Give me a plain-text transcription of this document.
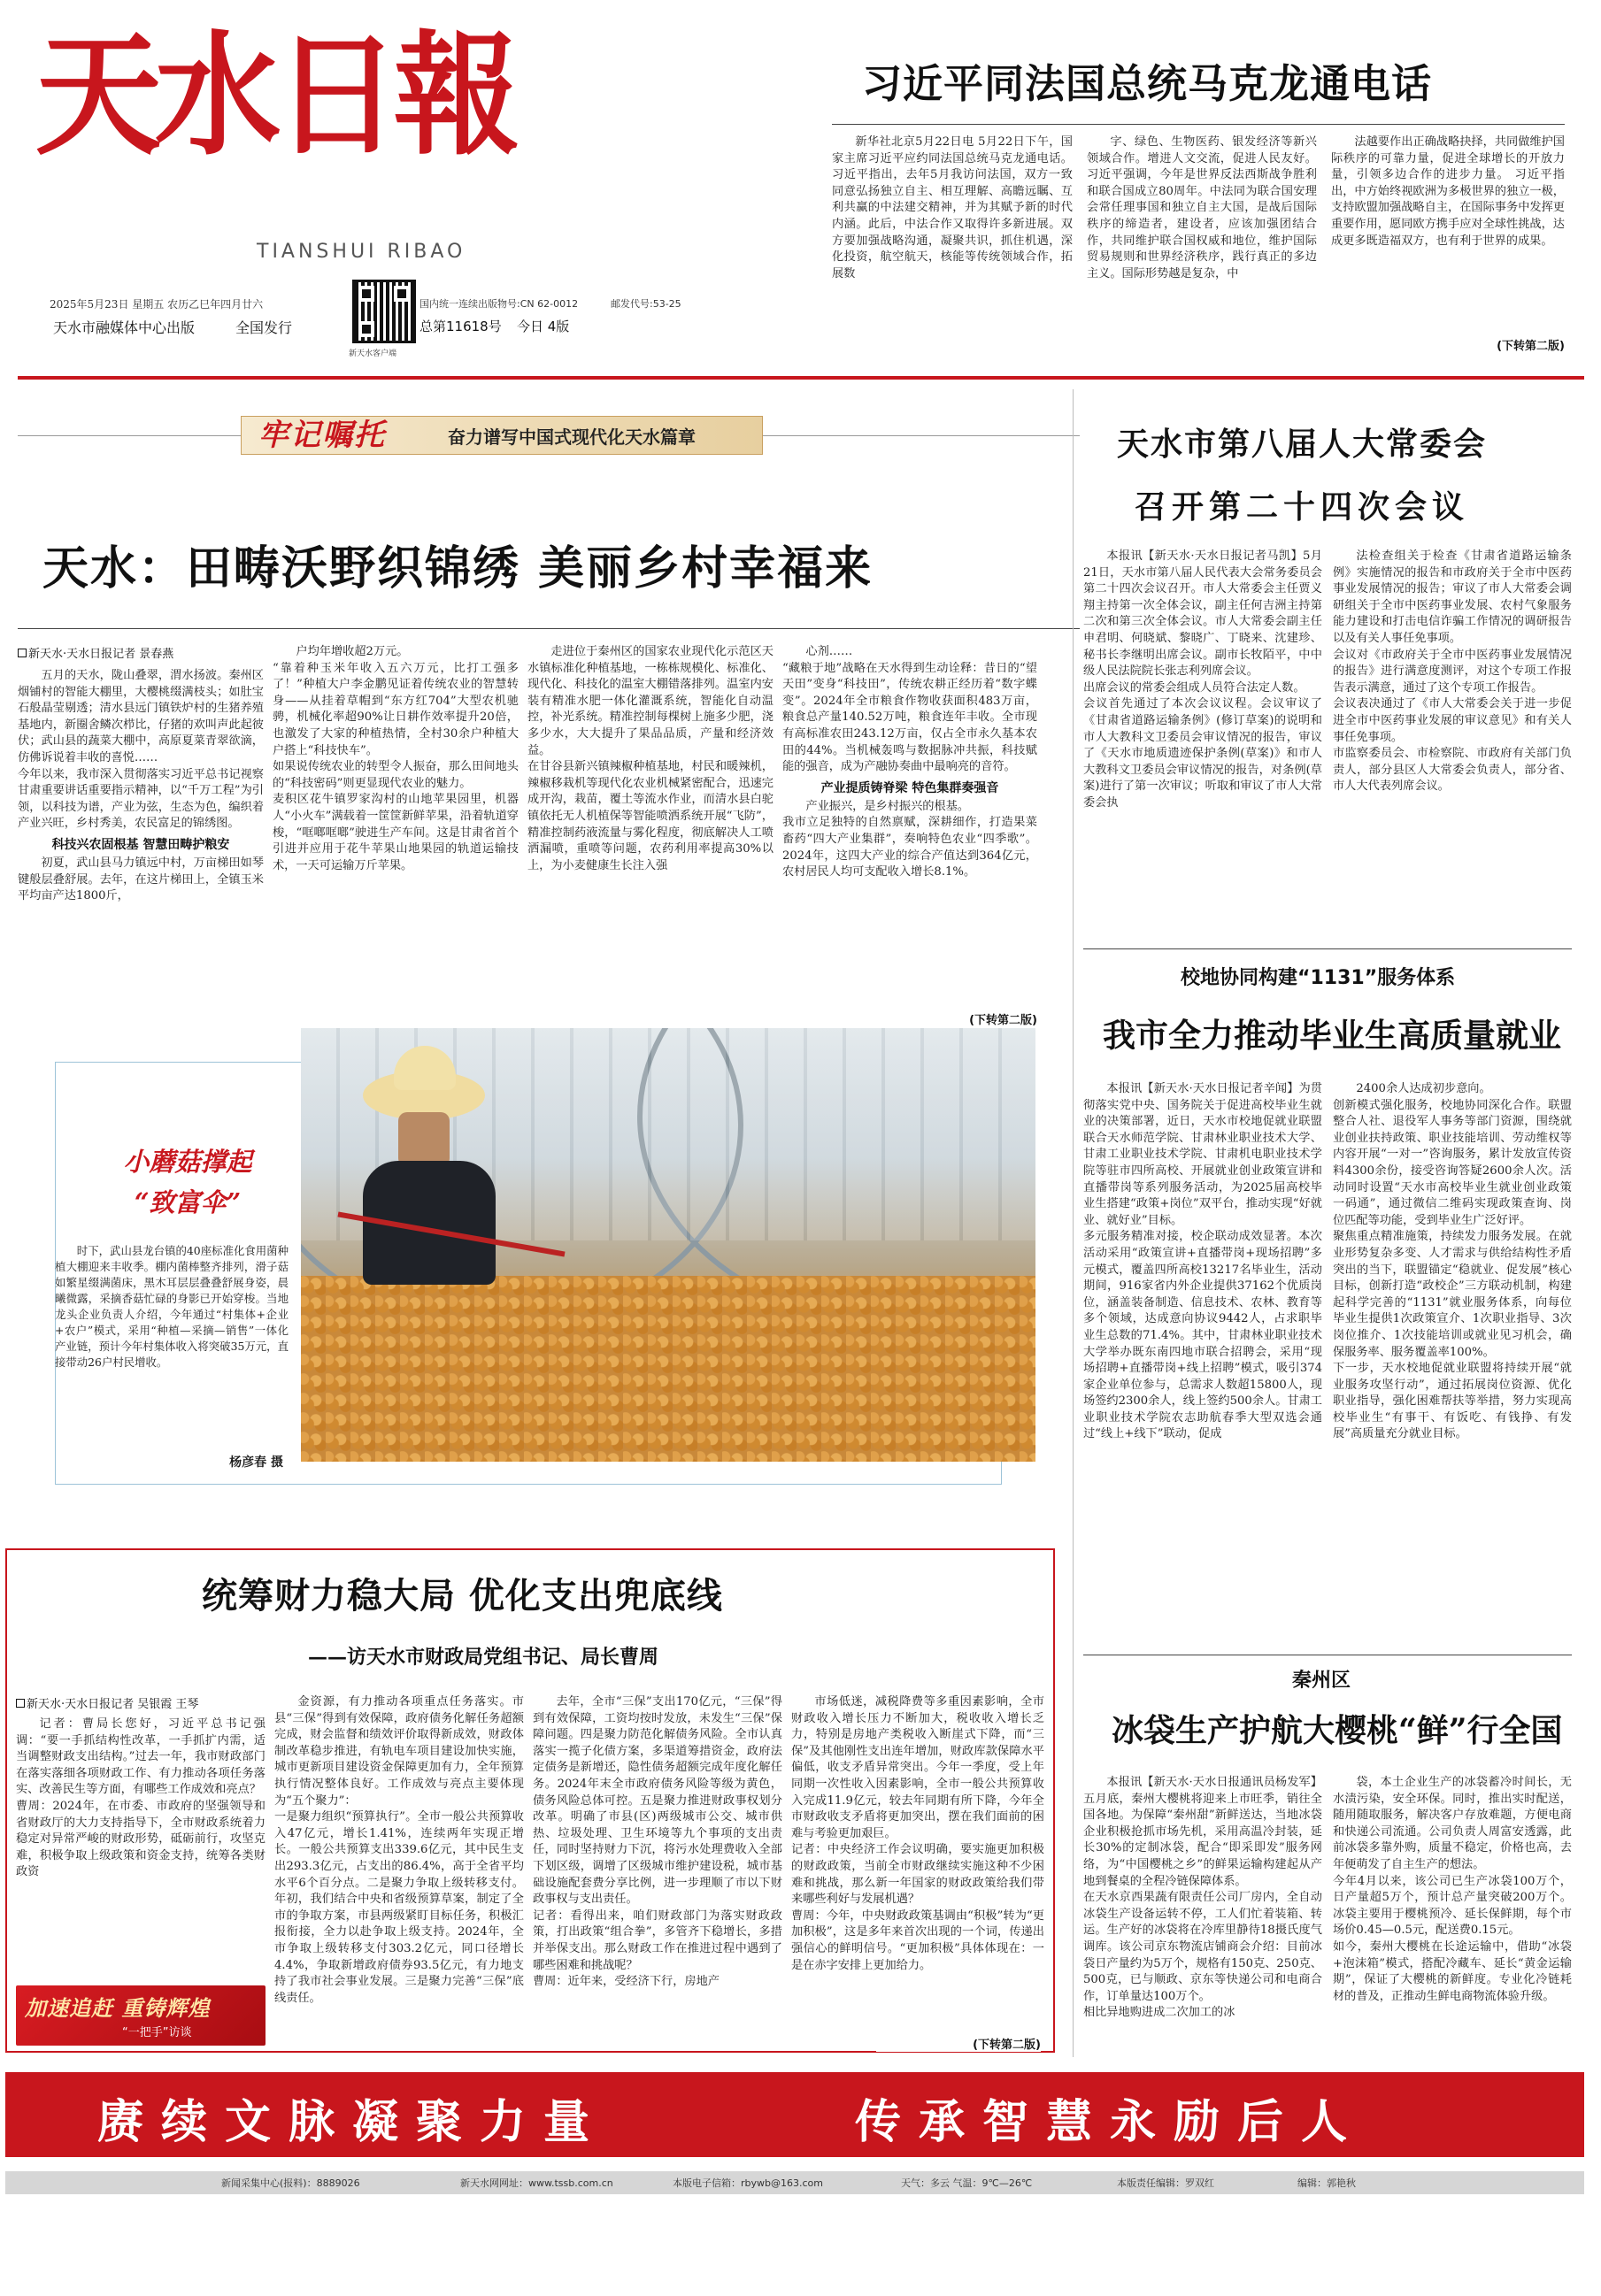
天水日報
TIANSHUI RIBAO
2025年5月23日 星期五 农历乙巳年四月廿六
天水市融媒体中心出版	全国发行
新天水客户端
国内统一连续出版物号:CN 62-0012	邮发代号:53-25
总第11618号 今日 4版
习近平同法国总统马克龙通电话

新华社北京5月22日电 5月22日下午，国家主席习近平应约同法国总统马克龙通电话。 习近平指出，去年5月我访问法国，双方一致同意弘扬独立自主、相互理解、高瞻远瞩、互利共赢的中法建交精神，并为其赋予新的时代内涵。此后，中法合作又取得许多新进展。双方要加强战略沟通，凝聚共识，抓住机遇，深化投资，航空航天，核能等传统领域合作，拓展数

字、绿色、生物医药、银发经济等新兴领域合作。增进人文交流，促进人民友好。 习近平强调，今年是世界反法西斯战争胜利和联合国成立80周年。中法同为联合国安理会常任理事国和独立自主大国，是战后国际秩序的缔造者，建设者，应该加强团结合作，共同维护联合国权威和地位，维护国际贸易规则和世界经济秩序，践行真正的多边主义。国际形势越是复杂，中

法越要作出正确战略抉择，共同做维护国际秩序的可靠力量，促进全球增长的开放力量，引领多边合作的进步力量。 习近平指出，中方始终视欧洲为多极世界的独立一极，支持欧盟加强战略自主，在国际事务中发挥更重要作用，愿同欧方携手应对全球性挑战，达成更多既造福双方，也有利于世界的成果。

(下转第二版)
牢记嘱托	奋力谱写中国式现代化天水篇章
天水：田畴沃野织锦绣 美丽乡村幸福来
新天水·天水日报记者 景春燕

五月的天水，陇山叠翠，渭水扬波。秦州区烟铺村的智能大棚里，大樱桃缀满枝头；如肚宝石般晶莹剔透；清水县远门镇铁炉村的生猪养殖基地内，新圈舍鳞次栉比，仔猪的欢叫声此起彼伏；武山县的蔬菜大棚中，高原夏菜青翠欲滴，仿佛诉说着丰收的喜悦……
今年以来，我市深入贯彻落实习近平总书记视察甘肃重要讲话重要指示精神，以“千万工程”为引领，以科技为谱，产业为弦，生态为色，编织着产业兴旺，乡村秀美，农民富足的锦绣图。

科技兴农固根基 智慧田畴护粮安

初夏，武山县马力镇远中村，万亩梯田如琴键般层叠舒展。去年，在这片梯田上，全镇玉米平均亩产达1800斤，

户均年增收超2万元。
“靠着种玉米年收入五六万元，比打工强多了！”种植大户李金鹏见证着传统农业的智慧转身——从挂着草帽到“东方红704”大型农机驰骋，机械化率超90%让日耕作效率提升20倍，也激发了大家的种植热情，全村30余户种植大户搭上“科技快车”。
如果说传统农业的转型令人振奋，那么田间地头的“科技密码”则更显现代农业的魅力。
麦积区花牛镇罗家沟村的山地苹果园里，机器人“小火车”满载着一筐筐新鲜苹果，沿着轨道穿梭，“哐啷哐啷”驶进生产车间。这是甘肃省首个引进并应用于花牛苹果山地果园的轨道运输技术，一天可运输万斤苹果。

走进位于秦州区的国家农业现代化示范区天水镇标准化种植基地，一栋栋规模化、标准化、现代化、科技化的温室大棚错落排列。温室内安装有精准水肥一体化灌溉系统，智能化自动温控，补光系统。精准控制每棵树上施多少肥，浇多少水，大大提升了果品品质，产量和经济效益。
在甘谷县新兴镇辣椒种植基地，村民和暖辣机，辣椒移栽机等现代化农业机械紧密配合，迅速完成开沟，栽苗，覆土等流水作业，而清水县白驼镇依托无人机植保等智能喷洒系统开展“飞防”，精准控制药液流量与雾化程度，彻底解决人工喷洒漏喷，重喷等问题，农药利用率提高30%以上，为小麦健康生长注入强

心剂……
“藏粮于地”战略在天水得到生动诠释：昔日的“望天田”变身“科技田”，传统农耕正经历着“数字蝶变”。2024年全市粮食作物收获面积483万亩，粮食总产量140.52万吨，粮食连年丰收。全市现有高标准农田243.12万亩，仅占全市永久基本农田的44%。当机械轰鸣与数据脉冲共振，科技赋能的强音，成为产融协奏曲中最响亮的音符。

产业提质铸脊梁 特色集群奏强音

产业振兴，是乡村振兴的根基。
我市立足独特的自然禀赋，深耕细作，打造果菜畜药“四大产业集群”，奏响特色农业“四季歌”。2024年，这四大产业的综合产值达到364亿元，农村居民人均可支配收入增长8.1%。

(下转第二版)
小蘑菇撑起
“致富伞”

时下，武山县龙台镇的40座标准化食用菌种植大棚迎来丰收季。棚内菌棒整齐排列，滑子菇如繁星缀满菌床，黑木耳层层叠叠舒展身姿，晨曦微露，采摘香菇忙碌的身影已开始穿梭。当地龙头企业负责人介绍，今年通过“村集体+企业+农户”模式，采用“种植—采摘—销售”一体化产业链，预计今年村集体收入将突破35万元，直接带动26户村民增收。

杨彦春 摄
统筹财力稳大局 优化支出兜底线
——访天水市财政局党组书记、局长曹周
新天水·天水日报记者 吴银霞 王琴

记者：曹局长您好，习近平总书记强调：“要一手抓结构性改革，一手抓扩内需，适当调整财政支出结构。”过去一年，我市财政部门在落实落细各项财政工作、有力推动各项任务落实、改善民生等方面，有哪些工作成效和亮点？
曹周：2024年，在市委、市政府的坚强领导和省财政厅的大力支持指导下，全市财政系统着力稳定对异常严峻的财政形势，砥砺前行，攻坚克难，积极争取上级政策和资金支持，统筹各类财政资

加速追赶 重铸辉煌
“一把手”访谈

金资源，有力推动各项重点任务落实。市县“三保”得到有效保障，政府债务化解任务超额完成，财会监督和绩效评价取得新成效，财政体制改革稳步推进，有轨电车项目建设加快实施，城市更新项目建设资金保障更加有力，全年预算执行情况整体良好。工作成效与亮点主要体现为“五个聚力”：
一是聚力组织“预算执行”。全市一般公共预算收入47亿元，增长1.41%，连续两年实现正增长。一般公共预算支出339.6亿元，其中民生支出293.3亿元，占支出的86.4%，高于全省平均水平6个百分点。二是聚力争取上级转移支付。年初，我们结合中央和省级预算草案，制定了全市的争取方案，市县两级紧盯目标任务，积极汇报衔接，全力以赴争取上级支持。2024年，全市争取上级转移支付303.2亿元，同口径增长4.4%，争取新增政府债券93.5亿元，有力地支持了我市社会事业发展。三是聚力完善“三保”底线责任。

去年，全市“三保”支出170亿元，“三保”得到有效保障，工资均按时发放，未发生“三保”保障问题。四是聚力防范化解债务风险。全市认真落实一揽子化债方案，多渠道筹措资金，政府法定债务是新增还，隐性债务超额完成年度化解任务。2024年末全市政府债务风险等级为黄色，债务风险总体可控。五是聚力推进财政事权划分改革。明确了市县(区)两级城市公交、城市供热、垃圾处理、卫生环境等九个事项的支出责任，同时坚持财力下沉，将污水处理费收入全部下划区级，调增了区级城市维护建设税，城市基础设施配套费分享比例，进一步理顺了市以下财政事权与支出责任。
记者：看得出来，咱们财政部门为落实财政政策，打出政策“组合拳”，多管齐下稳增长，多措并举保支出。那么财政工作在推进过程中遇到了哪些困难和挑战呢？
曹周：近年来，受经济下行，房地产

市场低迷，减税降费等多重因素影响，全市财政收入增长压力不断加大，税收收入增长乏力，特别是房地产类税收入断崖式下降，而“三保”及其他刚性支出连年增加，财政库款保障水平偏低，收支矛盾异常突出。今年一季度，受上年同期一次性收入因素影响，全市一般公共预算收入完成11.9亿元，较去年同期有所下降，今年全市财政收支矛盾将更加突出，摆在我们面前的困难与考验更加艰巨。
记者：中央经济工作会议明确，要实施更加积极的财政政策，当前全市财政继续实施这种不少困难和挑战，那么新一年国家的财政政策给我们带来哪些利好与发展机遇？
曹周：今年，中央财政政策基调由“积极”转为“更加积极”，这是多年来首次出现的一个词，传递出强信心的鲜明信号。“更加积极”具体体现在：一是在赤字安排上更加给力。

(下转第二版)
天水市第八届人大常委会
召开第二十四次会议

本报讯【新天水·天水日报记者马凯】5月21日，天水市第八届人民代表大会常务委员会第二十四次会议召开。市人大常委会主任贾义翔主持第一次全体会议，副主任何吉洲主持第二次和第三次全体会议。市人大常委会副主任申君明、何晓斌、黎晓广、丁晓来、沈建珍、秘书长李继明出席会议。副市长牧陌平，中中级人民法院院长张志利列席会议。
出席会议的常委会组成人员符合法定人数。
会议首先通过了本次会议议程。会议审议了《甘肃省道路运输条例》(修订草案)的说明和市人大教科文卫委员会审议情况的报告，审议了《天水市地质遗迹保护条例(草案)》和市人大教科文卫委员会审议情况的报告，对条例(草案)进行了第一次审议；听取和审议了市人大常委会执

法检查组关于检查《甘肃省道路运输条例》实施情况的报告和市政府关于全市中医药事业发展情况的报告；审议了市人大常委会调研组关于全市中医药事业发展、农村气象服务能力建设和打击电信诈骗工作情况的调研报告以及有关人事任免事项。
会议对《市政府关于全市中医药事业发展情况的报告》进行满意度测评，对这个专项工作报告表示满意，通过了这个专项工作报告。
会议表决通过了《市人大常委会关于进一步促进全市中医药事业发展的审议意见》和有关人事任免事项。
市监察委员会、市检察院、市政府有关部门负责人，部分县区人大常委会负责人，部分省、市人大代表列席会议。

校地协同构建“1131”服务体系
我市全力推动毕业生高质量就业

本报讯【新天水·天水日报记者辛闻】为贯彻落实党中央、国务院关于促进高校毕业生就业的决策部署，近日，天水市校地促就业联盟联合天水师范学院、甘肃林业职业技术大学、甘肃工业职业技术学院、甘肃机电职业技术学院等驻市四所高校、开展就业创业政策宣讲和直播带岗等系列服务活动，为2025届高校毕业生搭建“政策+岗位”双平台，推动实现“好就业、就好业”目标。
多元服务精准对接，校企联动成效显著。本次活动采用“政策宣讲+直播带岗+现场招聘”多元模式，覆盖四所高校13217名毕业生，活动期间，916家省内外企业提供37162个优质岗位，涵盖装备制造、信息技术、农林、教育等多个领域，达成意向协议9442人，占求职毕业生总数的71.4%。其中，甘肃林业职业技术大学举办既东南四地市联合招聘会，采用“现场招聘+直播带岗+线上招聘”模式，吸引374家企业单位参与，总需求人数超15800人，现场签约2300余人，线上签约500余人。甘肃工业职业技术学院农志助航春季大型双选会通过“线上+线下”联动，促成

2400余人达成初步意向。
创新模式强化服务，校地协同深化合作。联盟整合人社、退役军人事务等部门资源，围绕就业创业扶持政策、职业技能培训、劳动维权等内容开展“一对一”咨询服务，累计发放宣传资料4300余份，接受咨询答疑2600余人次。活动同时设置“天水市高校毕业生就业创业政策一码通”，通过微信二维码实现政策查询、岗位匹配等功能，受到毕业生广泛好评。
聚焦重点精准施策，持续发力服务发展。在就业形势复杂多变、人才需求与供给结构性矛盾突出的当下，联盟锚定“稳就业、促发展”核心目标，创新打造“政校企”三方联动机制，构建起科学完善的“1131”就业服务体系，向每位毕业生提供1次政策宣介、1次职业指导、3次岗位推介、1次技能培训或就业见习机会，确保服务率、服务覆盖率100%。
下一步，天水校地促就业联盟将持续开展“就业服务攻坚行动”，通过拓展岗位资源、优化职业指导，强化困难帮扶等举措，努力实现高校毕业生“有事干、有饭吃、有钱挣、有发展”高质量充分就业目标。

秦州区
冰袋生产护航大樱桃“鲜”行全国

本报讯【新天水·天水日报通讯员杨发军】五月底，秦州大樱桃将迎来上市旺季，销往全国各地。为保障“秦州甜”新鲜送达，当地冰袋企业积极抢抓市场先机，采用高温冷封装，延长30%的定制冰袋，配合“即采即发”服务网络，为“中国樱桃之乡”的鲜果运输构建起从产地到餐桌的全程冷链保障体系。
在天水京西果蔬有限责任公司厂房内，全自动冰袋生产设备运转不停，工人们忙着装箱、转运。生产好的冰袋将在冷库里静待18摄氏度气调库。该公司京东物流店铺商会介绍：目前冰袋日产量约为5万个，规格有150克、250克、500克，已与顺政、京东等快递公司和电商合作，订单量达100万个。
相比异地购进成二次加工的冰

袋，本土企业生产的冰袋蓄冷时间长，无水渍污染，安全环保。同时，推出实时配送，随用随取服务，解决客户存放难题，方便电商和快递公司流通。公司负责人周富安透露，此前冰袋多靠外购，质量不稳定，价格也高，去年便萌发了自主生产的想法。
今年4月以来，该公司已生产冰袋100万个，日产量超5万个，预计总产量突破200万个。冰袋主要用于樱桃预冷、延长保鲜期，每个市场价0.45—0.5元，配送费0.15元。
如今，秦州大樱桃在长途运输中，借助“冰袋+泡沫箱”模式，搭配冷藏车、延长“黄金运输期”，保证了大樱桃的新鲜度。专业化冷链耗材的普及，正推动生鲜电商物流体验升级。

赓续文脉凝聚力量	传承智慧永励后人
新闻采集中心(报料)：8889026	新天水网网址：www.tssb.com.cn	本版电子信箱：rbywb@163.com	天气：多云 气温：9℃—26℃	本版责任编辑：罗双红	编辑：郭艳秋
